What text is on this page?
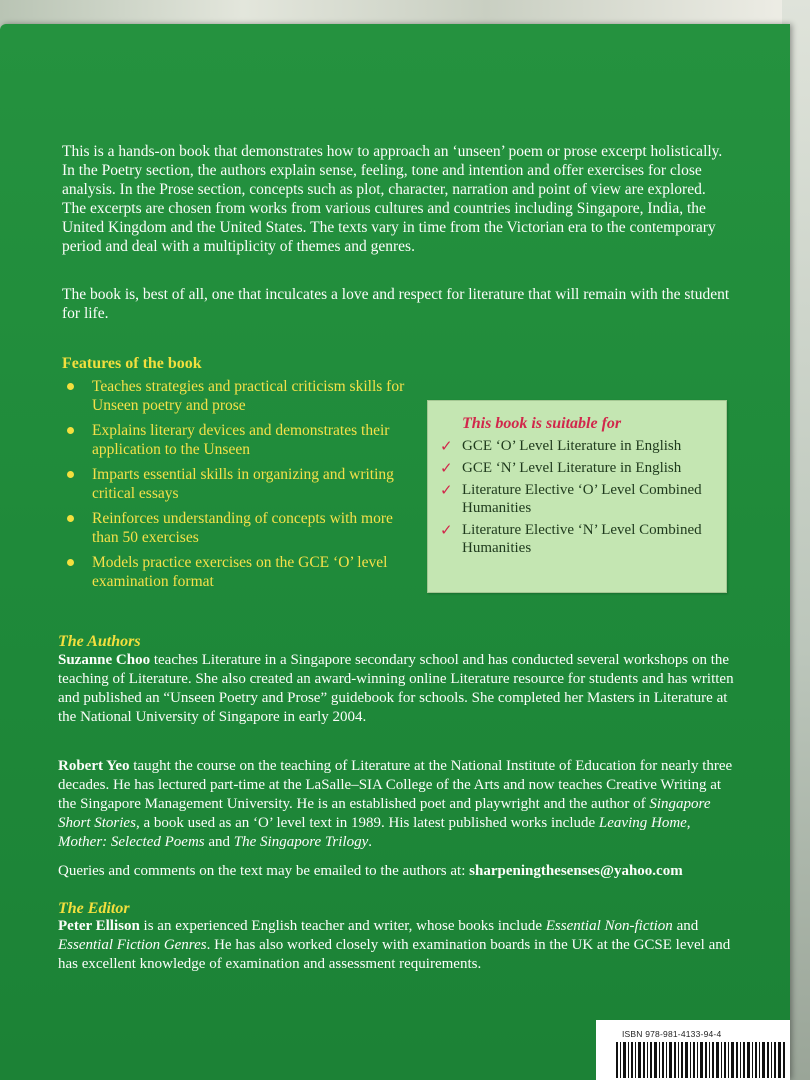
This is a hands-on book that demonstrates how to approach an ‘unseen’ poem or prose excerpt holistically. In the Poetry section, the authors explain sense, feeling, tone and intention and offer exercises for close analysis. In the Prose section, concepts such as plot, character, narration and point of view are explored. The excerpts are chosen from works from various cultures and countries including Singapore, India, the United Kingdom and the United States. The texts vary in time from the Victorian era to the contemporary period and deal with a multiplicity of themes and genres.

The book is, best of all, one that inculcates a love and respect for literature that will remain with the student for life.

Features of the book
Teaches strategies and practical criticism skills for Unseen poetry and prose
Explains literary devices and demonstrates their application to the Unseen
Imparts essential skills in organizing and writing critical essays
Reinforces understanding of concepts with more than 50 exercises
Models practice exercises on the GCE ‘O’ level examination format
This book is suitable for
✓ GCE ‘O’ Level Literature in English
✓ GCE ‘N’ Level Literature in English
✓ Literature Elective ‘O’ Level Combined Humanities
✓ Literature Elective ‘N’ Level Combined Humanities
The Authors

Suzanne Choo teaches Literature in a Singapore secondary school and has conducted several workshops on the teaching of Literature. She also created an award-winning online Literature resource for students and has written and published an “Unseen Poetry and Prose” guidebook for schools. She completed her Masters in Literature at the National University of Singapore in early 2004.

Robert Yeo taught the course on the teaching of Literature at the National Institute of Education for nearly three decades. He has lectured part-time at the LaSalle–SIA College of the Arts and now teaches Creative Writing at the Singapore Management University. He is an established poet and playwright and the author of Singapore Short Stories, a book used as an ‘O’ level text in 1989. His latest published works include Leaving Home, Mother: Selected Poems and The Singapore Trilogy.

Queries and comments on the text may be emailed to the authors at: sharpeningthesenses@yahoo.com

The Editor

Peter Ellison is an experienced English teacher and writer, whose books include Essential Non-fiction and Essential Fiction Genres. He has also worked closely with examination boards in the UK at the GCSE level and has excellent knowledge of examination and assessment requirements.

ISBN 978-981-4133-94-4
